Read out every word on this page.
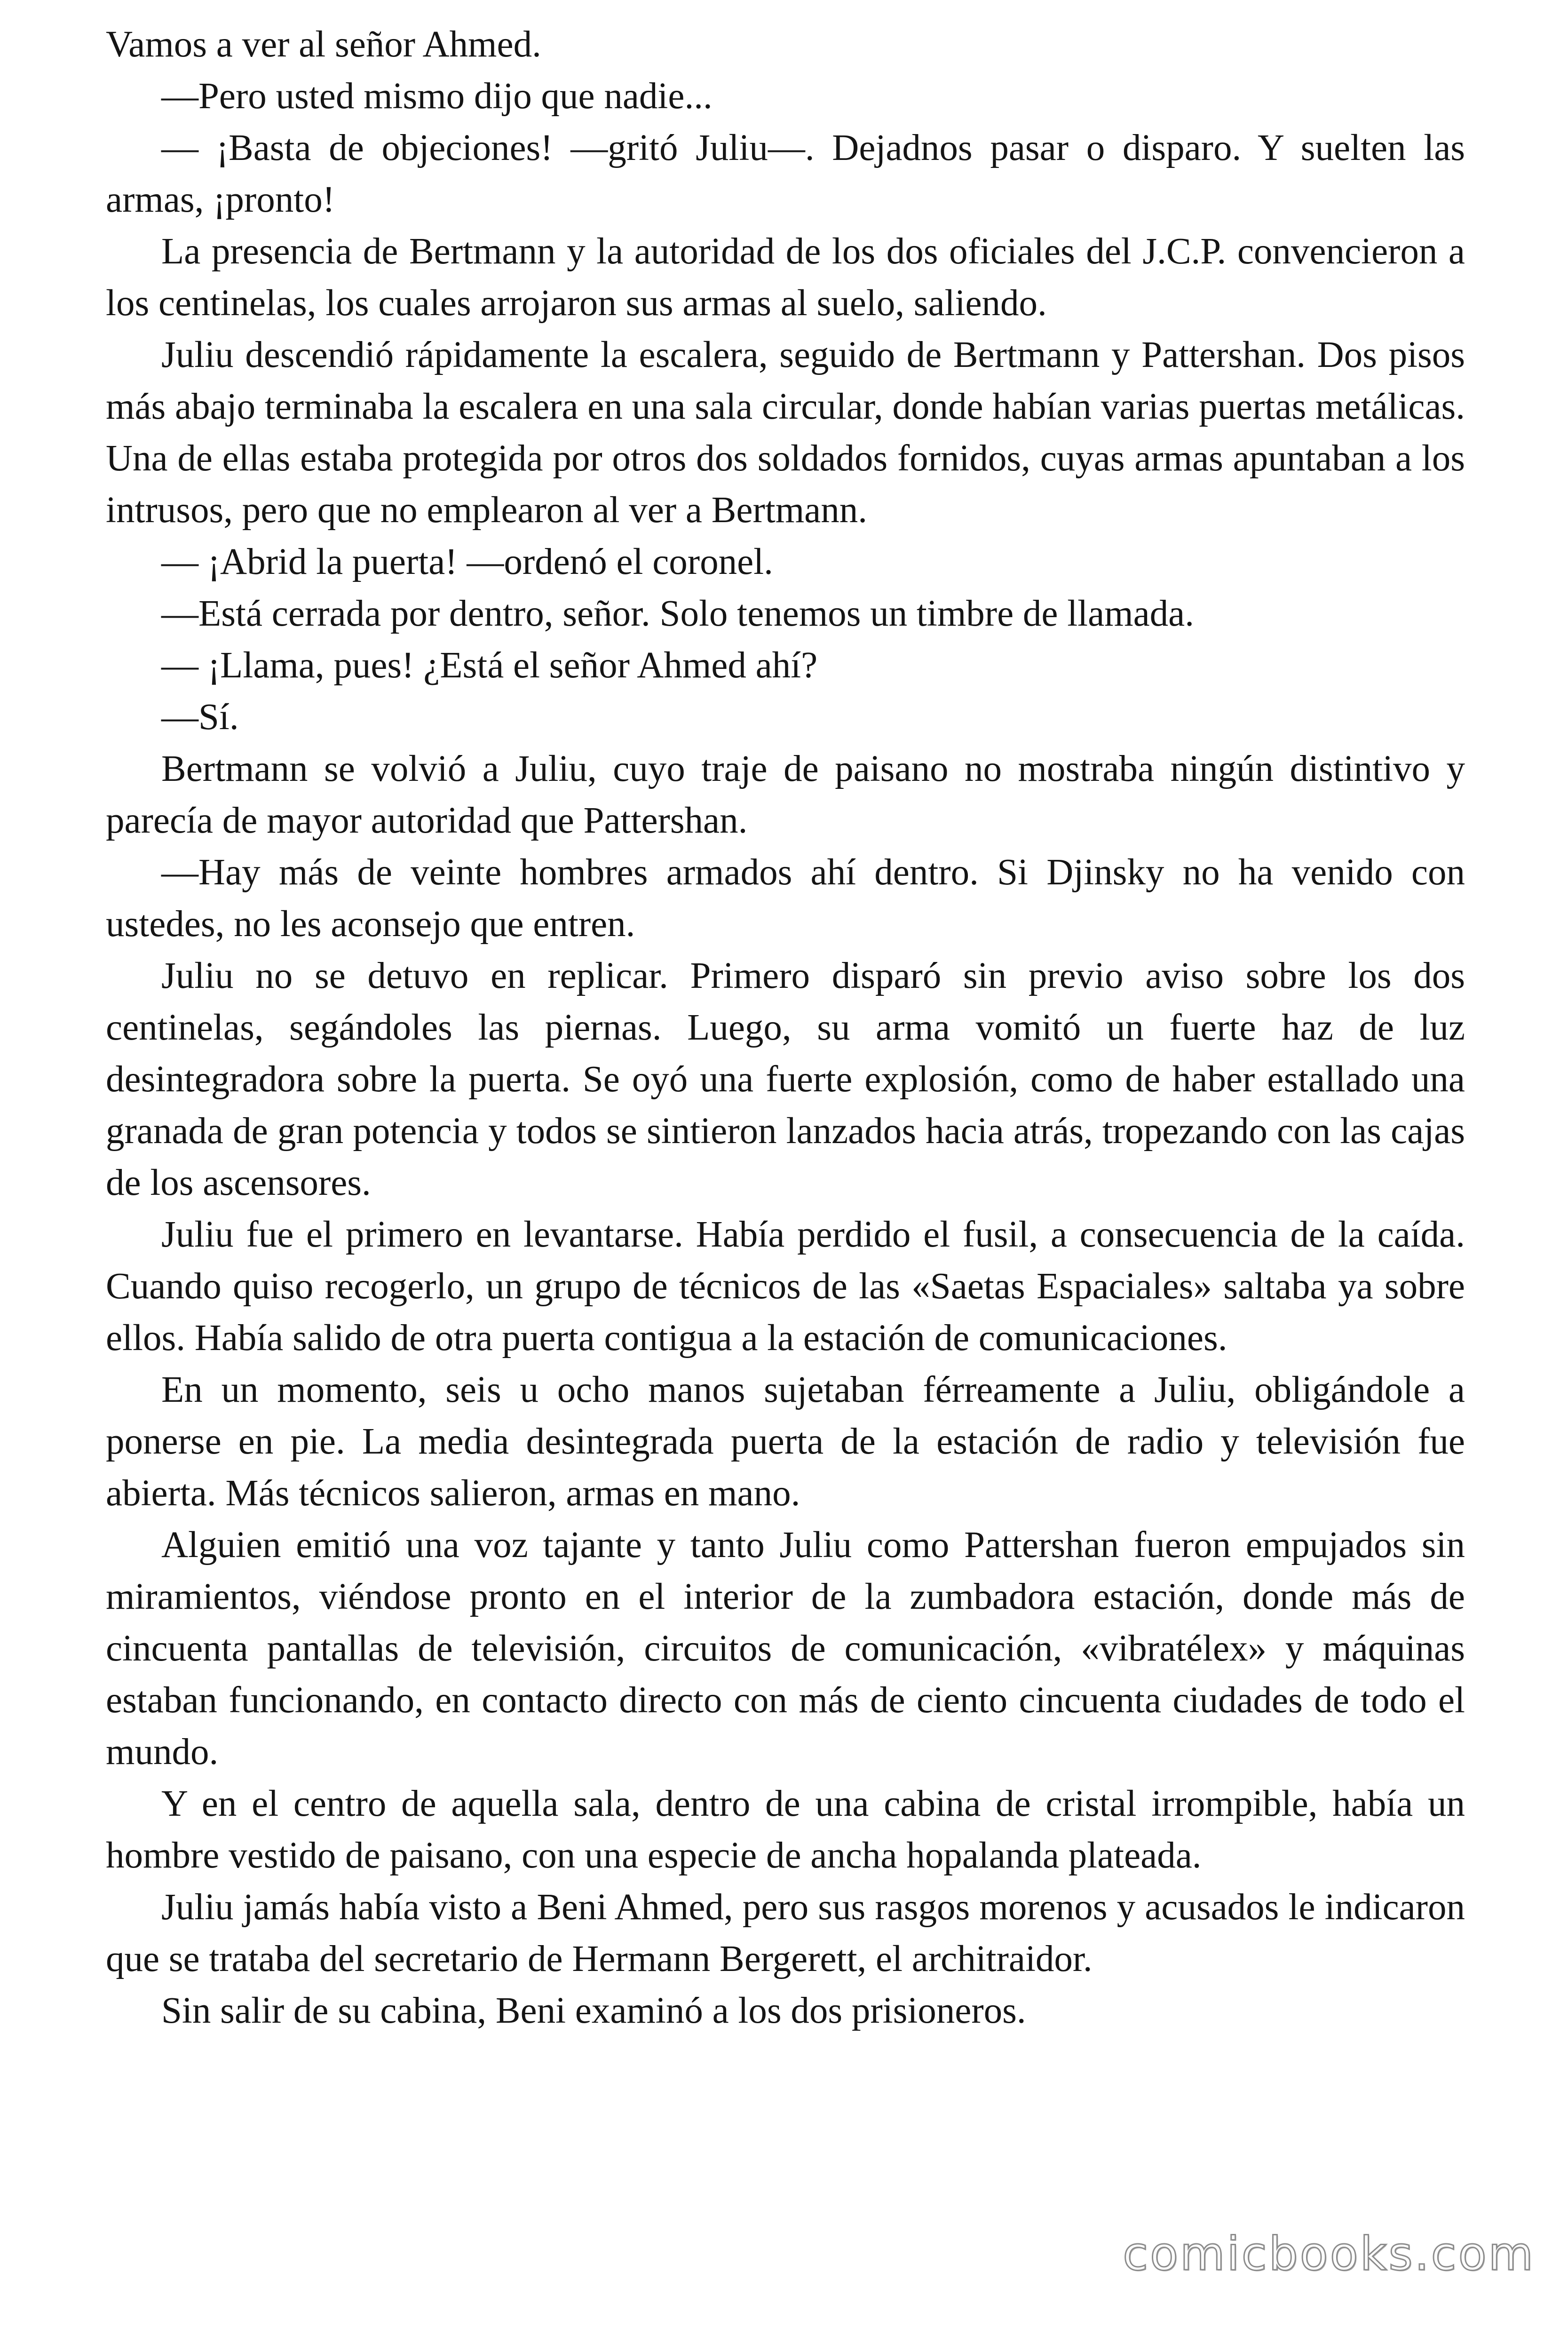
Vamos a ver al señor Ahmed.

—Pero usted mismo dijo que nadie...

— ¡Basta de objeciones! —gritó Juliu—. Dejadnos pasar o disparo. Y suelten las armas, ¡pronto!

La presencia de Bertmann y la autoridad de los dos oficiales del J.C.P. convencieron a los centinelas, los cuales arrojaron sus armas al suelo, saliendo.

Juliu descendió rápidamente la escalera, seguido de Bertmann y Pattershan. Dos pisos más abajo terminaba la escalera en una sala circular, donde habían varias puertas metálicas. Una de ellas estaba protegida por otros dos soldados fornidos, cuyas armas apuntaban a los intrusos, pero que no emplearon al ver a Bertmann.

— ¡Abrid la puerta! —ordenó el coronel.

—Está cerrada por dentro, señor. Solo tenemos un timbre de llamada.

— ¡Llama, pues! ¿Está el señor Ahmed ahí?

—Sí.

Bertmann se volvió a Juliu, cuyo traje de paisano no mostraba ningún distintivo y parecía de mayor autoridad que Pattershan.

—Hay más de veinte hombres armados ahí dentro. Si Djinsky no ha venido con ustedes, no les aconsejo que entren.

Juliu no se detuvo en replicar. Primero disparó sin previo aviso sobre los dos centinelas, segándoles las piernas. Luego, su arma vomitó un fuerte haz de luz desintegradora sobre la puerta. Se oyó una fuerte explosión, como de haber estallado una granada de gran potencia y todos se sintieron lanzados hacia atrás, tropezando con las cajas de los ascensores.

Juliu fue el primero en levantarse. Había perdido el fusil, a consecuencia de la caída. Cuando quiso recogerlo, un grupo de técnicos de las «Saetas Espaciales» saltaba ya sobre ellos. Había salido de otra puerta contigua a la estación de comunicaciones.

En un momento, seis u ocho manos sujetaban férreamente a Juliu, obligándole a ponerse en pie. La media desintegrada puerta de la estación de radio y televisión fue abierta. Más técnicos salieron, armas en mano.

Alguien emitió una voz tajante y tanto Juliu como Pattershan fueron empujados sin miramientos, viéndose pronto en el interior de la zumbadora estación, donde más de cincuenta pantallas de televisión, circuitos de comunicación, «vibratélex» y máquinas estaban funcionando, en contacto directo con más de ciento cincuenta ciudades de todo el mundo.

Y en el centro de aquella sala, dentro de una cabina de cristal irrompible, había un hombre vestido de paisano, con una especie de ancha hopalanda plateada.

Juliu jamás había visto a Beni Ahmed, pero sus rasgos morenos y acusados le indicaron que se trataba del secretario de Hermann Bergerett, el architraidor.

Sin salir de su cabina, Beni examinó a los dos prisioneros.

comicbooks.com
